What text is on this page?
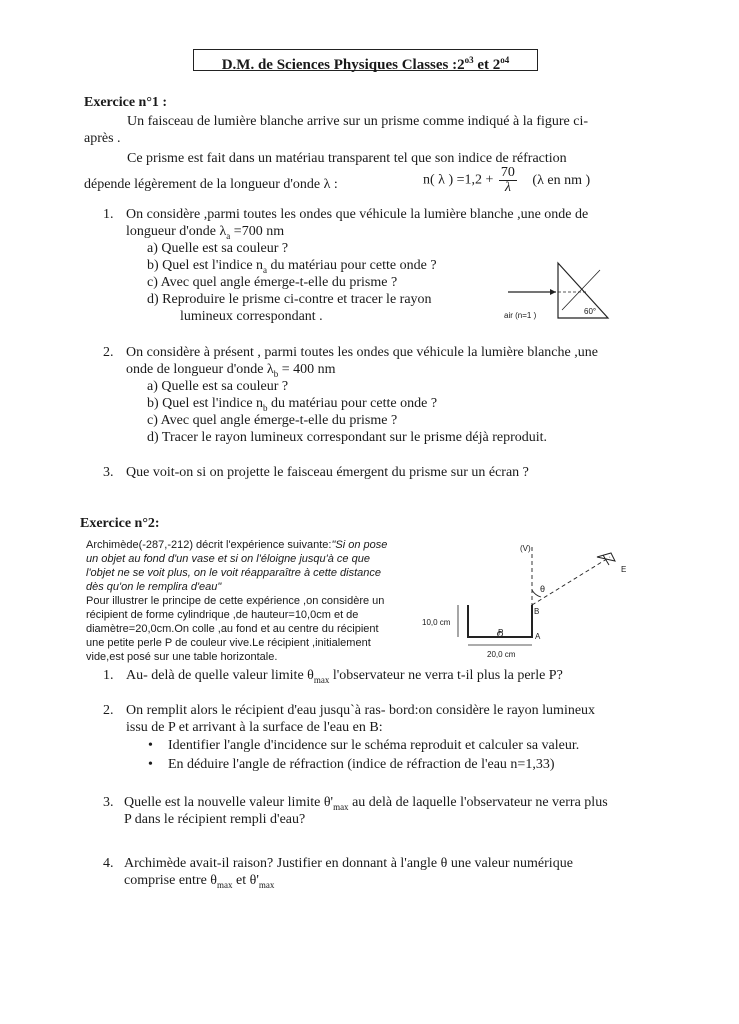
D.M. de Sciences Physiques Classes $:2^{o3}$ et $2^{o4}$
Exercice n°1 :
Un faisceau de lumière blanche arrive sur un prisme comme indiqué à la figure ci-
après .
Ce prisme est fait dans un matériau transparent tel que son indice de réfraction
dépende légèrement de la longueur d'onde λ :	n( λ ) $=1,2 + \frac{70}{\lambda} (\lambda$ en nm )
1. On considère ,parmi toutes les ondes que véhicule la lumière blanche ,une onde de
longueur d'onde $\lambda_a =700$ nm
a) Quelle est sa couleur ?
b) Quel est l'indice $n_a$ du matériau pour cette onde ?
c) Avec quel angle émerge-t-elle du prisme ?
d) Reproduire le prisme ci-contre et tracer le rayon
lumineux correspondant .	air (n=1 )	60°
2. On considère à présent , parmi toutes les ondes que véhicule la lumière blanche ,une
onde de longueur d'onde $\lambda_b = 400$ nm
a) Quelle est sa couleur ?
b) Quel est l'indice $n_b$ du matériau pour cette onde ?
c) Avec quel angle émerge-t-elle du prisme ?
d) Tracer le rayon lumineux correspondant sur le prisme déjà reproduit.
3. Que voit-on si on projette le faisceau émergent du prisme sur un écran ?
Exercice n°2:
Archimède(-287,-212) décrit l'expérience suivante:"Si on pose
un objet au fond d'un vase et si on l'éloigne jusqu'à ce que
l'objet ne se voit plus, on le voit réapparaître à cette distance
dès qu'on le remplira d'eau"
Pour illustrer le principe de cette expérience ,on considère un
récipient de forme cylindrique ,de hauteur=10,0cm et de
diamètre=20,0cm.On colle ,au fond et au centre du récipient
une petite perle P de couleur vive.Le récipient ,initialement
vide,est posé sur une table horizontale.
(V)
θ
E
B
A
P
10,0 cm
20,0 cm
1. Au- delà de quelle valeur limite $\theta_{max}$ l'observateur ne verra t-il plus la perle P?
2. On remplit alors le récipient d'eau jusqu`à ras- bord:on considère le rayon lumineux
issu de P et arrivant à la surface de l'eau en B:
• Identifier l'angle d'incidence sur le schéma reproduit et calculer sa valeur.
• En déduire l'angle de réfraction (indice de réfraction de l'eau n=1,33)
3. Quelle est la nouvelle valeur limite $\theta'_{max}$ au delà de laquelle l'observateur ne verra plus
P dans le récipient rempli d'eau?
4. Archimède avait-il raison? Justifier en donnant à l'angle θ une valeur numérique
comprise entre $\theta_{max}$ et $\theta'_{max}$
